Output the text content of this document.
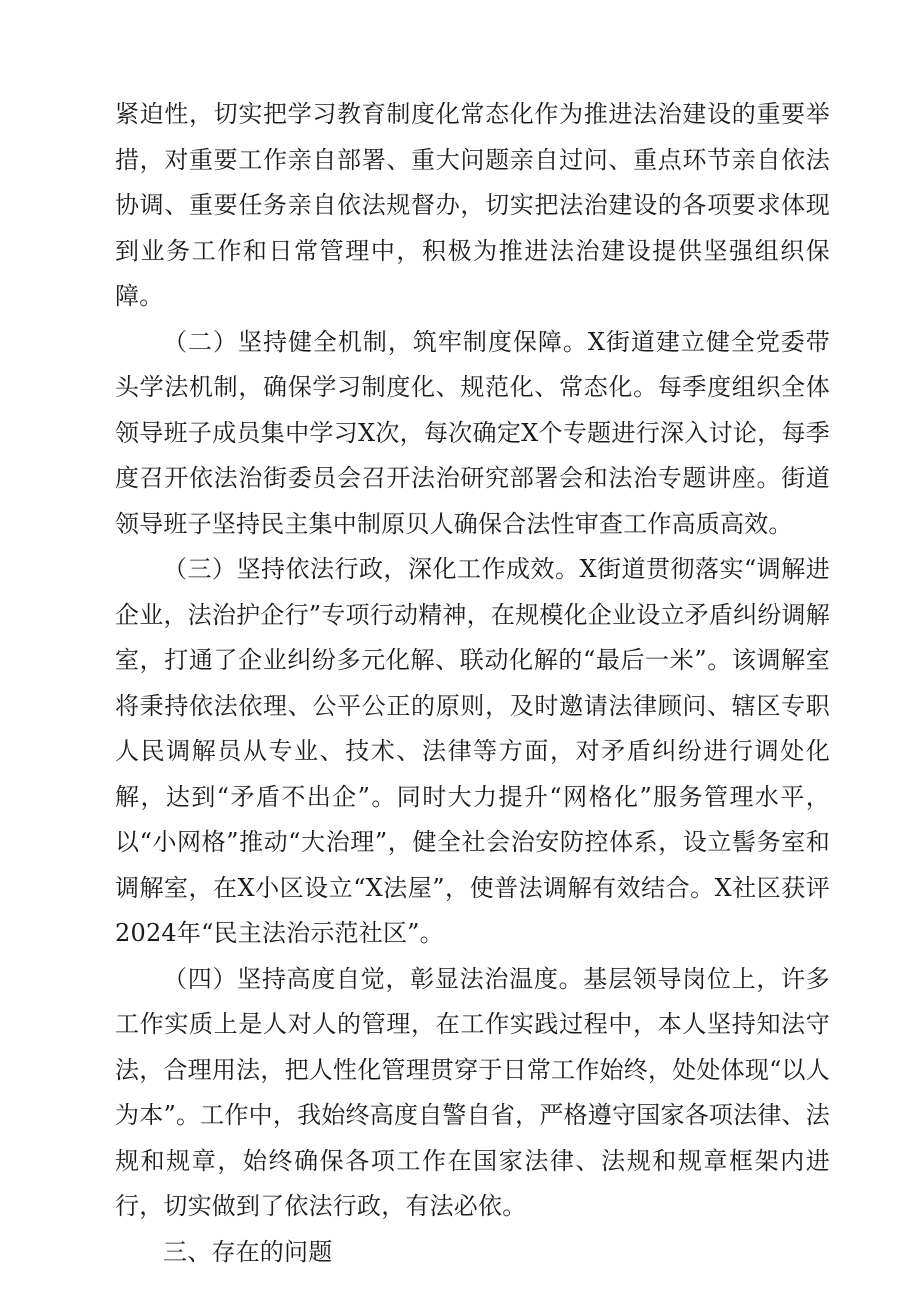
紧迫性，切实把学习教育制度化常态化作为推进法治建设的重要举措，对重要工作亲自部署、重大问题亲自过问、重点环节亲自依法协调、重要任务亲自依法规督办，切实把法治建设的各项要求体现到业务工作和日常管理中，积极为推进法治建设提供坚强组织保障。

（二）坚持健全机制，筑牢制度保障。X街道建立健全党委带头学法机制，确保学习制度化、规范化、常态化。每季度组织全体领导班子成员集中学习X次，每次确定X个专题进行深入讨论，每季度召开依法治街委员会召开法治研究部署会和法治专题讲座。街道领导班子坚持民主集中制原贝人确保合法性审查工作高质高效。

（三）坚持依法行政，深化工作成效。X街道贯彻落实“调解进企业，法治护企行”专项行动精神，在规模化企业设立矛盾纠纷调解室，打通了企业纠纷多元化解、联动化解的“最后一米”。该调解室将秉持依法依理、公平公正的原则，及时邀请法律顾问、辖区专职人民调解员从专业、技术、法律等方面，对矛盾纠纷进行调处化解，达到“矛盾不出企”。同时大力提升“网格化”服务管理水平，以“小网格”推动“大治理”，健全社会治安防控体系，设立髻务室和调解室，在X小区设立“X法屋”，使普法调解有效结合。X社区获评2024年“民主法治示范社区”。

（四）坚持高度自觉，彰显法治温度。基层领导岗位上，许多工作实质上是人对人的管理，在工作实践过程中，本人坚持知法守法，合理用法，把人性化管理贯穿于日常工作始终，处处体现“以人为本”。工作中，我始终高度自警自省，严格遵守国家各项法律、法规和规章，始终确保各项工作在国家法律、法规和规章框架内进行，切实做到了依法行政，有法必依。

三、存在的问题
